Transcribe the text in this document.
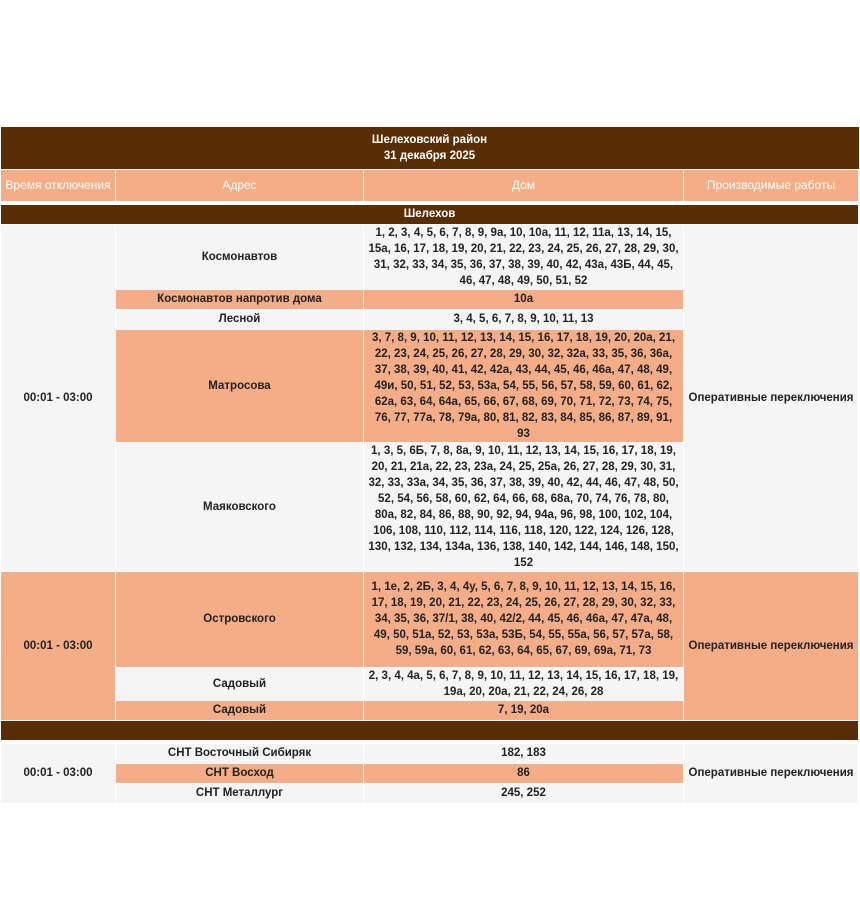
Шелеховский район
31 декабря 2025			

Время отключения	Адрес	Дом	Производимые работы

Шелехов			
00:01 - 03:00	Космонавтов	1, 2, 3, 4, 5, 6, 7, 8, 9, 9а, 10, 10а, 11, 12, 11а, 13, 14, 15, 15а, 16, 17, 18, 19, 20, 21, 22, 23, 24, 25, 26, 27, 28, 29, 30, 31, 32, 33, 34, 35, 36, 37, 38, 39, 40, 42, 43а, 43Б, 44, 45, 46, 47, 48, 49, 50, 51, 52	Оперативные переключения
	Космонавтов напротив дома	10а	
	Лесной	3, 4, 5, 6, 7, 8, 9, 10, 11, 13	
	Матросова	3, 7, 8, 9, 10, 11, 12, 13, 14, 15, 16, 17, 18, 19, 20, 20а, 21, 22, 23, 24, 25, 26, 27, 28, 29, 30, 32, 32а, 33, 35, 36, 36а, 37, 38, 39, 40, 41, 42, 42а, 43, 44, 45, 46, 46а, 47, 48, 49, 49и, 50, 51, 52, 53, 53а, 54, 55, 56, 57, 58, 59, 60, 61, 62, 62а, 63, 64, 64а, 65, 66, 67, 68, 69, 70, 71, 72, 73, 74, 75, 76, 77, 77а, 78, 79а, 80, 81, 82, 83, 84, 85, 86, 87, 89, 91, 93	
	Маяковского	1, 3, 5, 6Б, 7, 8, 8а, 9, 10, 11, 12, 13, 14, 15, 16, 17, 18, 19, 20, 21, 21а, 22, 23, 23а, 24, 25, 25а, 26, 27, 28, 29, 30, 31, 32, 33, 33а, 34, 35, 36, 37, 38, 39, 40, 42, 44, 46, 47, 48, 50, 52, 54, 56, 58, 60, 62, 64, 66, 68, 68а, 70, 74, 76, 78, 80, 80а, 82, 84, 86, 88, 90, 92, 94, 94а, 96, 98, 100, 102, 104, 106, 108, 110, 112, 114, 116, 118, 120, 122, 124, 126, 128, 130, 132, 134, 134а, 136, 138, 140, 142, 144, 146, 148, 150, 152	
00:01 - 03:00	Островского	1, 1е, 2, 2Б, 3, 4, 4у, 5, 6, 7, 8, 9, 10, 11, 12, 13, 14, 15, 16, 17, 18, 19, 20, 21, 22, 23, 24, 25, 26, 27, 28, 29, 30, 32, 33, 34, 35, 36, 37/1, 38, 40, 42/2, 44, 45, 46, 46а, 47, 47а, 48, 49, 50, 51а, 52, 53, 53а, 53Б, 54, 55, 55а, 56, 57, 57а, 58, 59, 59а, 60, 61, 62, 63, 64, 65, 67, 69, 69а, 71, 73	Оперативные переключения
	Садовый	2, 3, 4, 4а, 5, 6, 7, 8, 9, 10, 11, 12, 13, 14, 15, 16, 17, 18, 19, 19а, 20, 20а, 21, 22, 24, 26, 28	
	Садовый	7, 19, 20а	

00:01 - 03:00	СНТ Восточный Сибиряк	182, 183	Оперативные переключения
	СНТ Восход	86	
	СНТ Металлург	245, 252	
